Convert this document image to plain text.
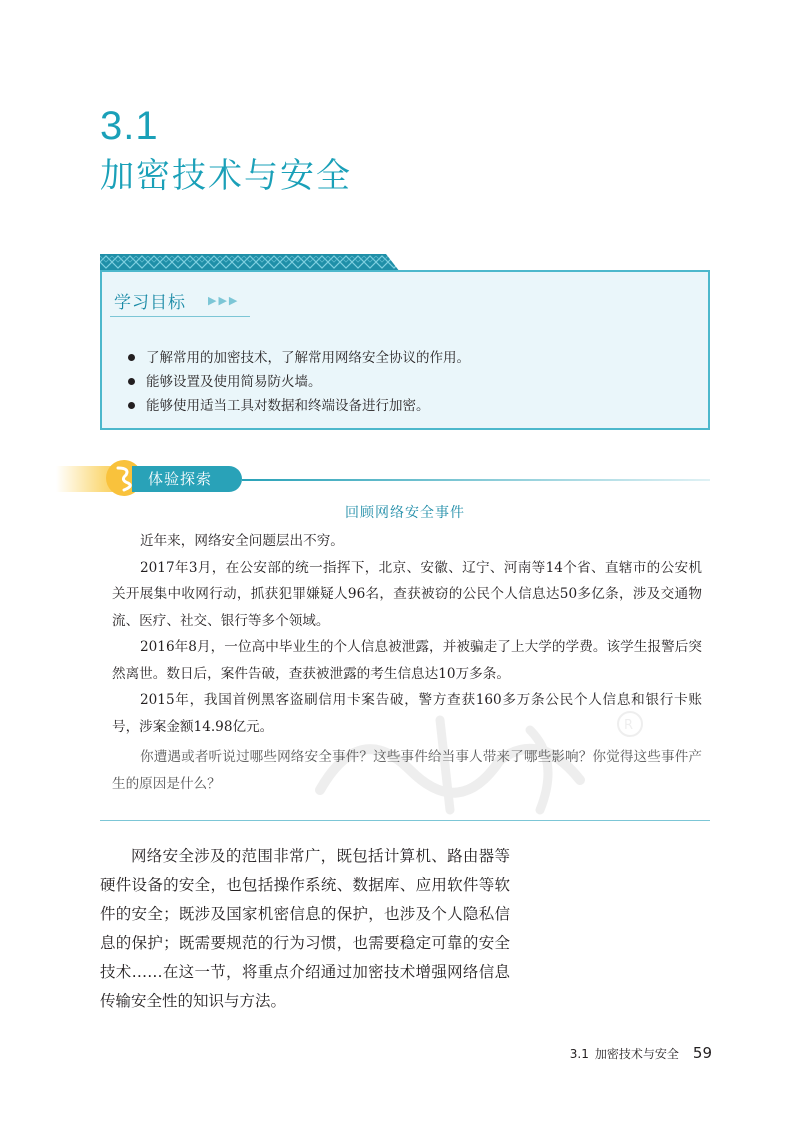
3.1
加密技术与安全
学习目标 ▶▶▶
了解常用的加密技术，了解常用网络安全协议的作用。
能够设置及使用简易防火墙。
能够使用适当工具对数据和终端设备进行加密。
体验探索
回顾网络安全事件
R

近年来，网络安全问题层出不穷。

2017年3月，在公安部的统一指挥下，北京、安徽、辽宁、河南等14个省、直辖市的公安机关开展集中收网行动，抓获犯罪嫌疑人96名，查获被窃的公民个人信息达50多亿条，涉及交通物流、医疗、社交、银行等多个领域。

2016年8月，一位高中毕业生的个人信息被泄露，并被骗走了上大学的学费。该学生报警后突然离世。数日后，案件告破，查获被泄露的考生信息达10万多条。

2015年，我国首例黑客盗刷信用卡案告破，警方查获160多万条公民个人信息和银行卡账号，涉案金额14.98亿元。

你遭遇或者听说过哪些网络安全事件？这些事件给当事人带来了哪些影响？你觉得这些事件产生的原因是什么？

网络安全涉及的范围非常广，既包括计算机、路由器等硬件设备的安全，也包括操作系统、数据库、应用软件等软件的安全；既涉及国家机密信息的保护，也涉及个人隐私信息的保护；既需要规范的行为习惯，也需要稳定可靠的安全技术……在这一节，将重点介绍通过加密技术增强网络信息传输安全性的知识与方法。

3.1 加密技术与安全 59
